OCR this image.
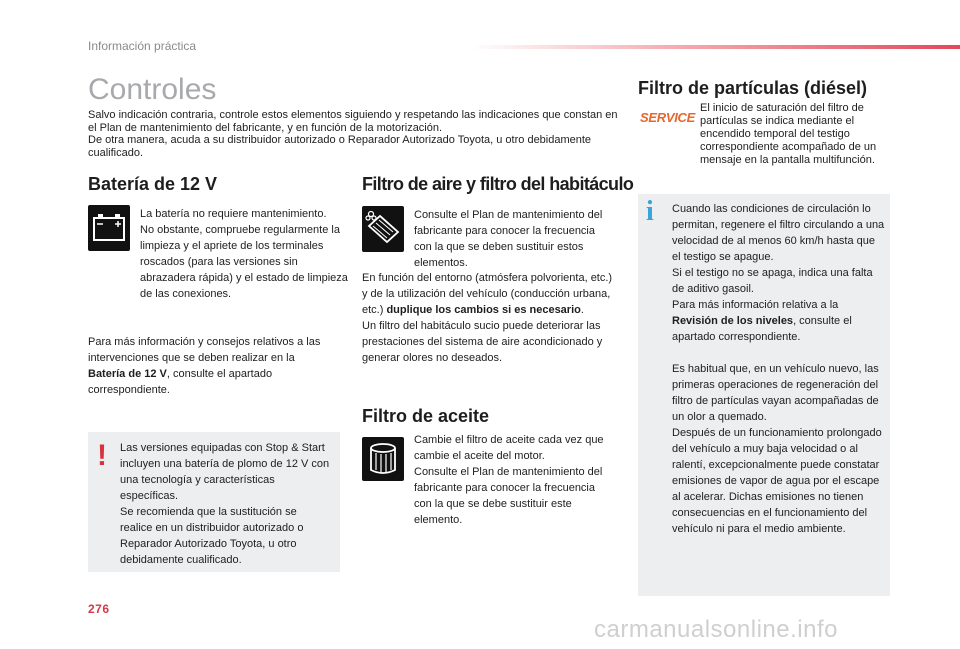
Información práctica
Controles

Salvo indicación contraria, controle estos elementos siguiendo y respetando las indicaciones que constan en el Plan de mantenimiento del fabricante, y en función de la motorización.

De otra manera, acuda a su distribuidor autorizado o Reparador Autorizado Toyota, u otro debidamente cualificado.

Batería de 12 V
La batería no requiere mantenimiento.
No obstante, compruebe regularmente la limpieza y el apriete de los terminales roscados (para las versiones sin abrazadera rápida) y el estado de limpieza de las conexiones.
Para más información y consejos relativos a las intervenciones que se deben realizar en la Batería de 12 V, consulte el apartado correspondiente.
! Las versiones equipadas con Stop & Start incluyen una batería de plomo de 12 V con una tecnología y características específicas.
Se recomienda que la sustitución se realice en un distribuidor autorizado o Reparador Autorizado Toyota, u otro debidamente cualificado.
Filtro de aire y filtro del habitáculo
Consulte el Plan de mantenimiento del fabricante para conocer la frecuencia con la que se deben sustituir estos elementos.
En función del entorno (atmósfera polvorienta, etc.) y de la utilización del vehículo (conducción urbana, etc.) duplique los cambios si es necesario.
Un filtro del habitáculo sucio puede deteriorar las prestaciones del sistema de aire acondicionado y generar olores no deseados.
Filtro de aceite
Cambie el filtro de aceite cada vez que cambie el aceite del motor.
Consulte el Plan de mantenimiento del fabricante para conocer la frecuencia con la que se debe sustituir este elemento.
Filtro de partículas (diésel)
SERVICE
El inicio de saturación del filtro de partículas se indica mediante el encendido temporal del testigo correspondiente acompañado de un mensaje en la pantalla multifunción.
i Cuando las condiciones de circulación lo permitan, regenere el filtro circulando a una velocidad de al menos 60 km/h hasta que el testigo se apague.
Si el testigo no se apaga, indica una falta de aditivo gasoil.
Para más información relativa a la Revisión de los niveles, consulte el apartado correspondiente.
Es habitual que, en un vehículo nuevo, las primeras operaciones de regeneración del filtro de partículas vayan acompañadas de un olor a quemado.
Después de un funcionamiento prolongado del vehículo a muy baja velocidad o al ralentí, excepcionalmente puede constatar emisiones de vapor de agua por el escape al acelerar. Dichas emisiones no tienen consecuencias en el funcionamiento del vehículo ni para el medio ambiente.
276
carmanualsonline.info
